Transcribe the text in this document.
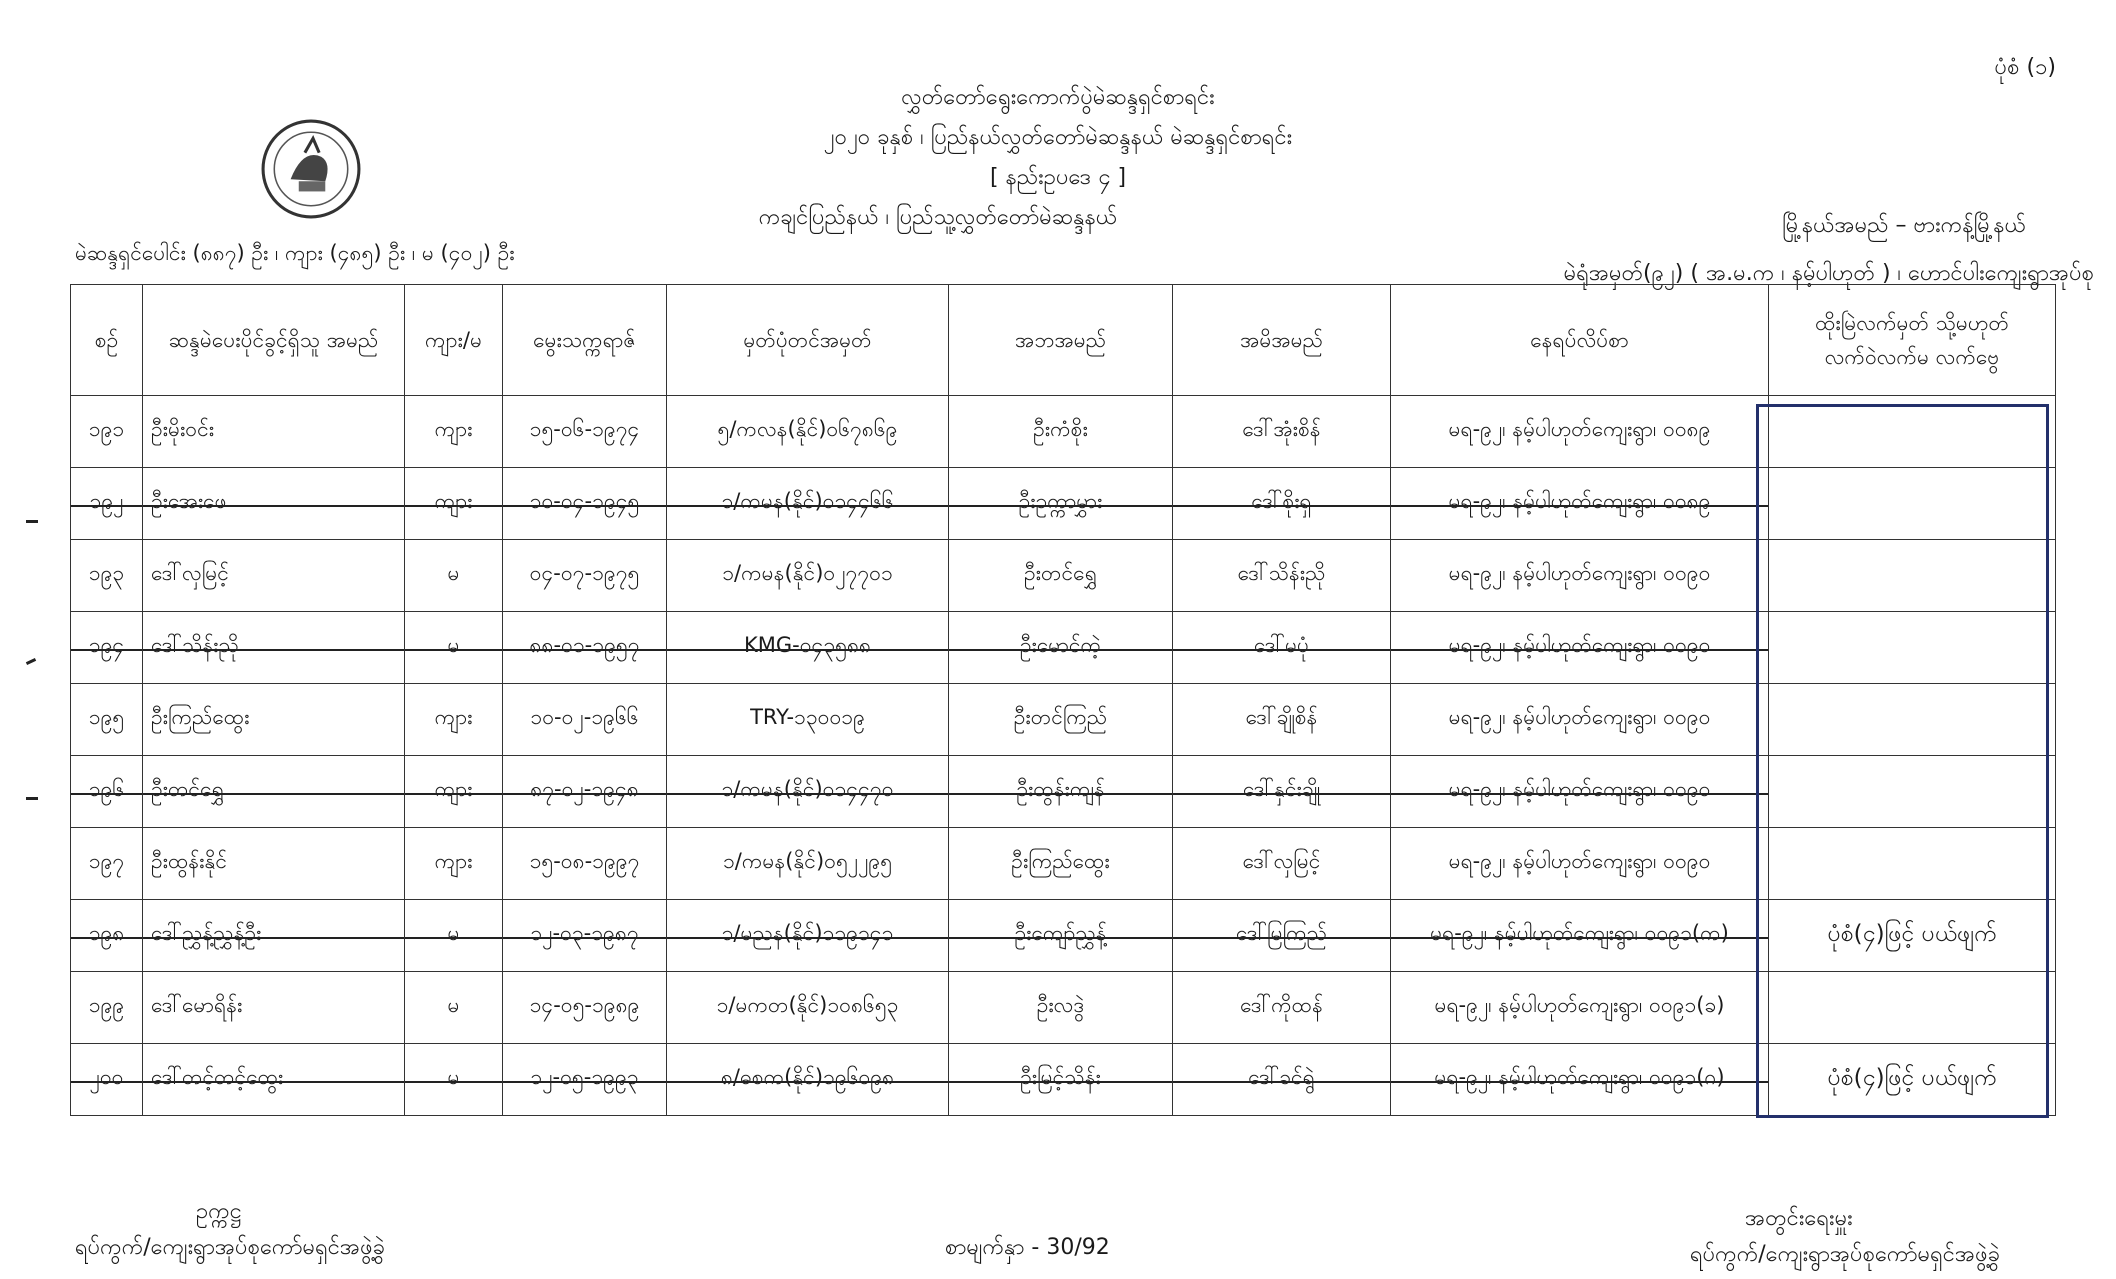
ပုံစံ (၁)
လွှတ်တော်ရွေးကောက်ပွဲမဲဆန္ဒရှင်စာရင်း
၂၀၂၀ ခုနှစ် ၊ ပြည်နယ်လွှတ်တော်မဲဆန္ဒနယ် မဲဆန္ဒရှင်စာရင်း
[ နည်းဥပဒေ ၄ ]
ကချင်ပြည်နယ် ၊ ပြည်သူ့လွှတ်တော်မဲဆန္ဒနယ်	မြို့နယ်အမည် – ဗားကန့်မြို့နယ်
မဲရုံအမှတ်(၉၂) ( အ.မ.က ၊ နမ့်ပါဟုတ် ) ၊ ဟောင်ပါးကျေးရွာအုပ်စု
မဲဆန္ဒရှင်ပေါင်း (၈၈၇) ဦး ၊ ကျား (၄၈၅) ဦး ၊ မ (၄၀၂) ဦး
စဉ်	ဆန္ဒမဲပေးပိုင်ခွင့်ရှိသူ အမည်	ကျား/မ	မွေးသက္ကရာဇ်	မှတ်ပုံတင်အမှတ်	အဘအမည်	အမိအမည်	နေရပ်လိပ်စာ	ထိုးမြဲလက်မှတ် သို့မဟုတ် လက်ဝဲလက်မ လက်ဗွေ
၁၉၁	ဦးမိုးဝင်း	ကျား	၁၅-၀၆-၁၉၇၄	၅/ကလန(နိုင်)၀၆၇၈၆၉	ဦးကံစိုး	ဒေါ်အုံးစိန်	မရ-၉၂၊ နမ့်ပါဟုတ်ကျေးရွာ၊ ၀၀၈၉	
၁၉၂	ဦးအေးဖေ	ကျား	၁၀-၀၄-၁၉၄၅	၁/ကမန(နိုင်)၀၁၄၄၆၆	ဦးဥက္ကာမွှား	ဒေါ်စိုးရှ	မရ-၉၂၊ နမ့်ပါဟုတ်ကျေးရွာ၊ ၀၀၈၉	
၁၉၃	ဒေါ်လှမြင့်	မ	၀၄-၀၇-၁၉၇၅	၁/ကမန(နိုင်)၀၂၇၇၀၁	ဦးတင်ရွှေ	ဒေါ်သိန်းညို	မရ-၉၂၊ နမ့်ပါဟုတ်ကျေးရွာ၊ ၀၀၉၀	
၁၉၄	ဒေါ်သိန်းညို	မ	၈၈-၀၁-၁၉၅၇	KMG-၀၄၃၅၈၈	ဦးမောင်ကဲ့	ဒေါ်မပုံ	မရ-၉၂၊ နမ့်ပါဟုတ်ကျေးရွာ၊ ၀၀၉၀	
၁၉၅	ဦးကြည်ထွေး	ကျား	၁၀-၀၂-၁၉၆၆	TRY-၁၃၀၀၁၉	ဦးတင်ကြည်	ဒေါ်ချိုစိန်	မရ-၉၂၊ နမ့်ပါဟုတ်ကျေးရွာ၊ ၀၀၉၀	
၁၉၆	ဦးတင်ရွှေ	ကျား	၈၇-၀၂-၁၉၄၈	၁/ကမန(နိုင်)၀၁၄၄၇၀	ဦးထွန်းကျန်	ဒေါ်နှင်းချို	မရ-၉၂၊ နမ့်ပါဟုတ်ကျေးရွာ၊ ၀၀၉၀	
၁၉၇	ဦးထွန်းနိုင်	ကျား	၁၅-၀၈-၁၉၉၇	၁/ကမန(နိုင်)၀၅၂၂၉၅	ဦးကြည်ထွေး	ဒေါ်လှမြင့်	မရ-၉၂၊ နမ့်ပါဟုတ်ကျေးရွာ၊ ၀၀၉၀	
၁၉၈	ဒေါ်ညွှန့်ညွှန့်ဦး	မ	၁၂-၀၃-၁၉၈၇	၁/မညန(နိုင်)၁၁၉၁၄၁	ဦးကျော်ညွှန့်	ဒေါ်မြကြည်	မရ-၉၂၊ နမ့်ပါဟုတ်ကျေးရွာ၊ ၀၀၉၁(က)	ပုံစံ(၄)ဖြင့် ပယ်ဖျက်
၁၉၉	ဒေါ်မောရိန်း	မ	၁၄-၀၅-၁၉၈၉	၁/မကတ(နိုင်)၁၀၈၆၅၃	ဦးလဒွဲ	ဒေါ်ကိုထန်	မရ-၉၂၊ နမ့်ပါဟုတ်ကျေးရွာ၊ ၀၀၉၁(ခ)	
၂၀၀	ဒေါ်တင့်တင့်ထွေး	မ	၁၂-၀၅-၁၉၉၃	၈/ဓစက(နိုင်)၁၉၆၀၉၈	ဦးမြင့်သိန်း	ဒေါ်ခင်ရွဲ	မရ-၉၂၊ နမ့်ပါဟုတ်ကျေးရွာ၊ ၀၀၉၁(ဂ)	ပုံစံ(၄)ဖြင့် ပယ်ဖျက်
ဥက္ကဋ္ဌ
ရပ်ကွက်/ကျေးရွာအုပ်စုကော်မရှင်အဖွဲ့ခွဲ	စာမျက်နှာ - 30/92
အတွင်းရေးမှူး
ရပ်ကွက်/ကျေးရွာအုပ်စုကော်မရှင်အဖွဲ့ခွဲ
